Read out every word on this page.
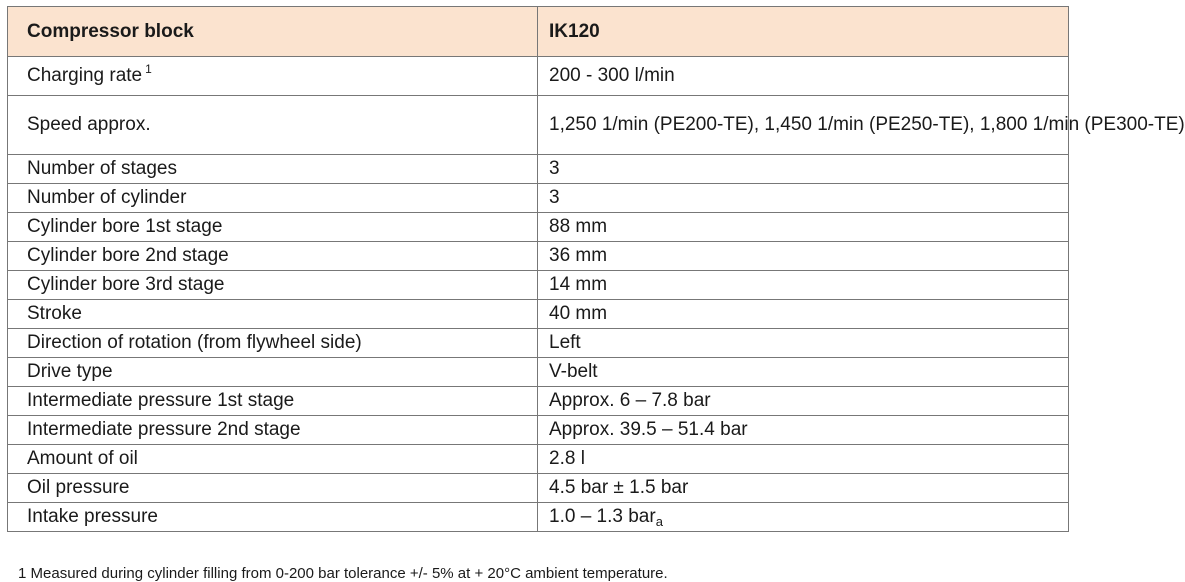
Compressor block	IK120
Charging rate $^1$	200 - 300 l/min
Speed approx.	1,250 1/min (PE200-TE), 1,450 1/min (PE250-TE), 1,800 1/min (PE300-TE)
Number of stages	3
Number of cylinder	3
Cylinder bore 1st stage	88 mm
Cylinder bore 2nd stage	36 mm
Cylinder bore 3rd stage	14 mm
Stroke	40 mm
Direction of rotation (from flywheel side)	Left
Drive type	V-belt
Intermediate pressure 1st stage	Approx. 6 – 7.8 bar
Intermediate pressure 2nd stage	Approx. 39.5 – 51.4 bar
Amount of oil	2.8 l
Oil pressure	4.5 bar ± 1.5 bar
Intake pressure	1.0 – 1.3 bar$_a$
1 Measured during cylinder filling from 0-200 bar tolerance +/- 5% at + 20°C ambient temperature.
